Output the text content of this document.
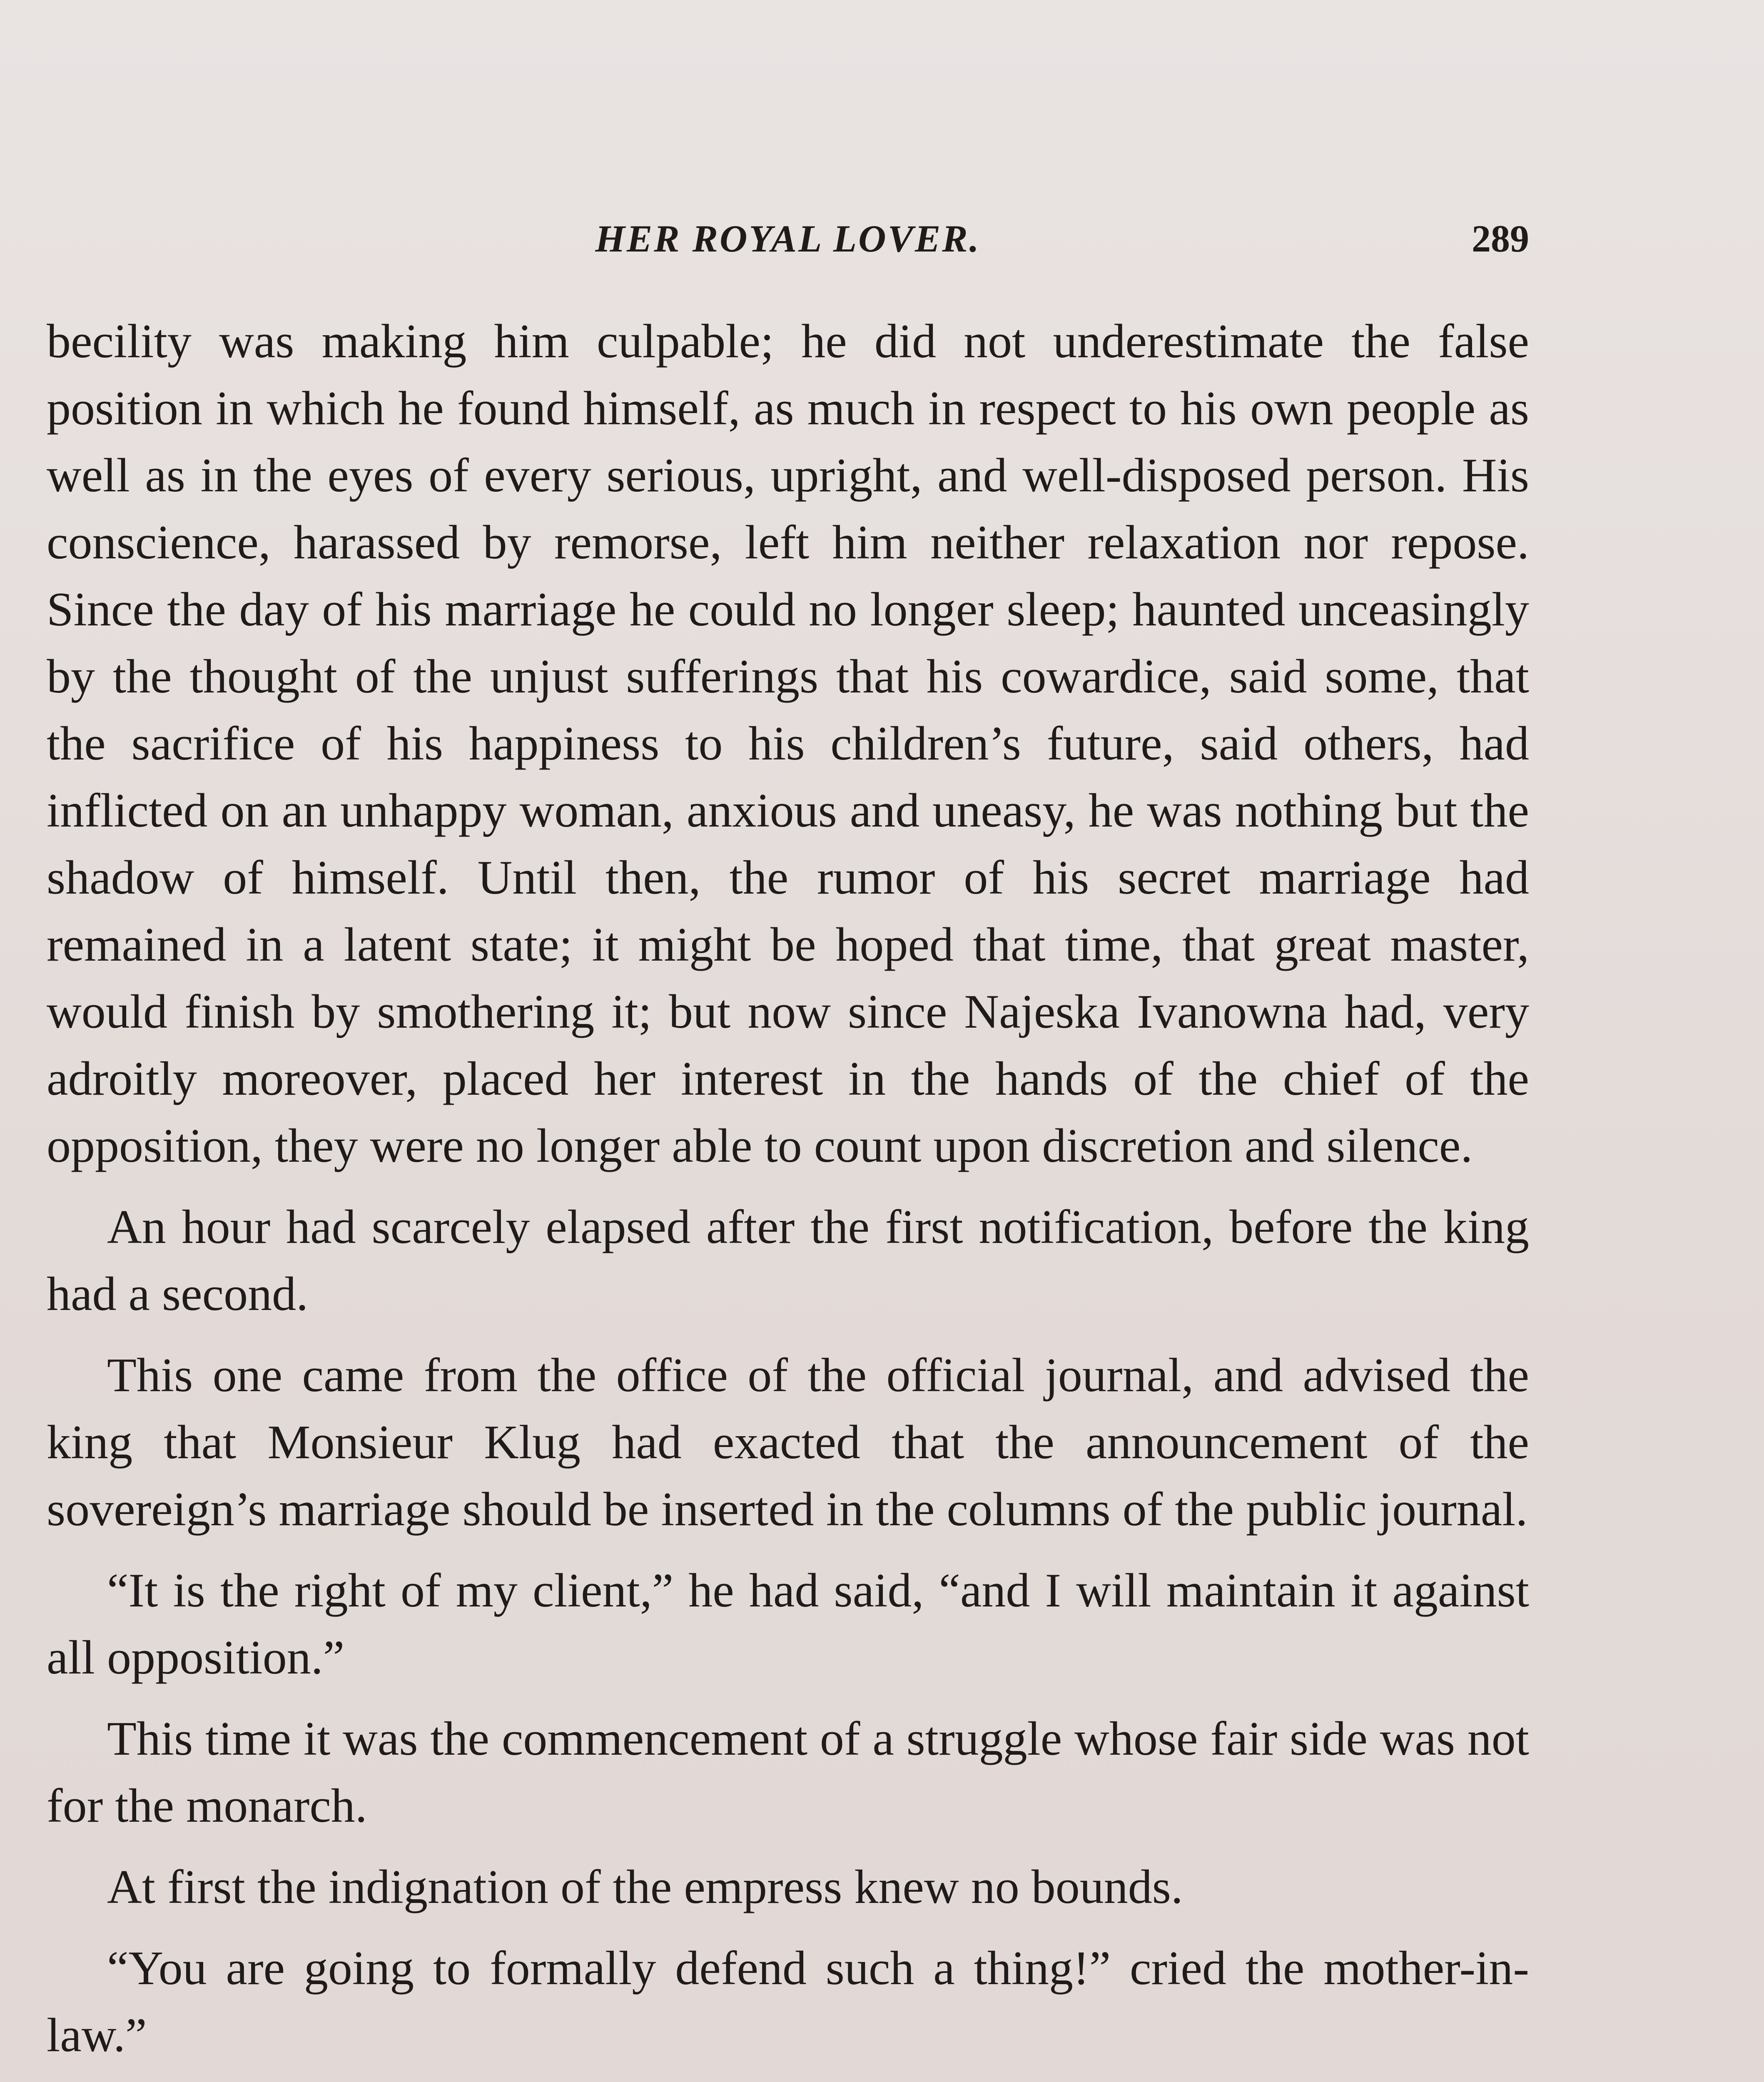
HER ROYAL LOVER.	289

becility was making him culpable; he did not underestimate the false position in which he found himself, as much in respect to his own people as well as in the eyes of every serious, upright, and well-disposed person. His conscience, harassed by remorse, left him neither relaxation nor repose. Since the day of his marriage he could no longer sleep; haunted unceasingly by the thought of the unjust sufferings that his cowardice, said some, that the sacrifice of his happiness to his children’s future, said others, had inflicted on an unhappy woman, anxious and uneasy, he was nothing but the shadow of himself. Until then, the rumor of his secret marriage had remained in a latent state; it might be hoped that time, that great master, would finish by smothering it; but now since Najeska Ivanowna had, very adroitly moreover, placed her interest in the hands of the chief of the opposition, they were no longer able to count upon discretion and silence.

An hour had scarcely elapsed after the first notification, before the king had a second.

This one came from the office of the official journal, and advised the king that Monsieur Klug had exacted that the announcement of the sovereign’s marriage should be inserted in the columns of the public journal.

“It is the right of my client,” he had said, “and I will maintain it against all opposition.”

This time it was the commencement of a struggle whose fair side was not for the monarch.

At first the indignation of the empress knew no bounds.

“You are going to formally defend such a thing!” cried the mother-in-law.”
